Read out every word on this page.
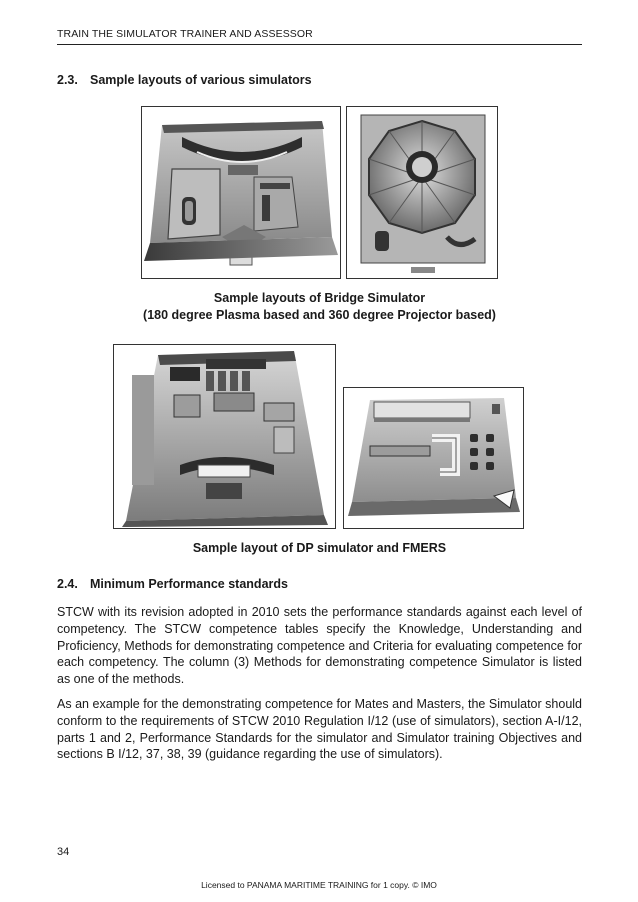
TRAIN THE SIMULATOR TRAINER AND ASSESSOR
2.3. Sample layouts of various simulators
Sample layouts of Bridge Simulator
(180 degree Plasma based and 360 degree Projector based)
Sample layout of DP simulator and FMERS
2.4. Minimum Performance standards

STCW with its revision adopted in 2010 sets the performance standards against each level of competency. The STCW competence tables specify the Knowledge, Understanding and Proficiency, Methods for demonstrating competence and Criteria for evaluating competence for each competency. The column (3) Methods for demonstrating competence Simulator is listed as one of the methods.

As an example for the demonstrating competence for Mates and Masters, the Simulator should conform to the requirements of STCW 2010 Regulation I/12 (use of simulators), section A-I/12, parts 1 and 2, Performance Standards for the simulator and Simulator training Objectives and sections B I/12, 37, 38, 39 (guidance regarding the use of simulators).

34
Licensed to PANAMA MARITIME TRAINING for 1 copy. © IMO
